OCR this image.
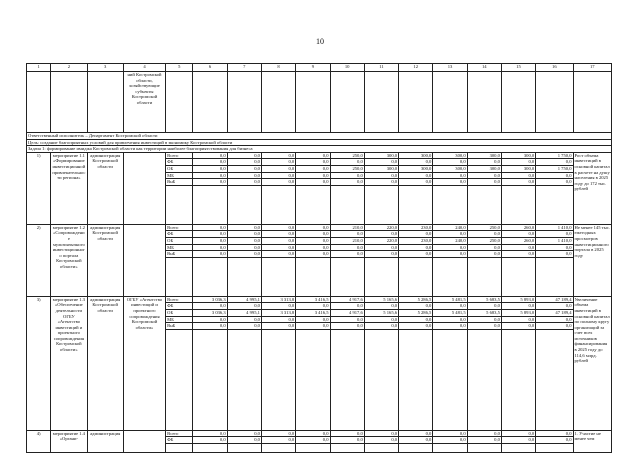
10
1	2	3	4	5	6	7	8	9	10	11	12	13	14	15	16	17
			ний Костромской области, хозяйствующие субъекты Костромской области													
Ответственный исполнитель – Департамент Костромской области																
Цель: создание благоприятных условий для привлечения инвестиций в экономику Костромской области																
Задача 1: формирование имиджа Костромской области как территории наиболее благоприятствования для бизнеса																
1)	мероприятие 1.1 «Формирование инвестиционной привлекательности региона»	администрация Костромской области		Всего	0,0	0,0	0,0	0,0	250,0	300,0	300,0	300,0	300,0	300,0	1 750,0	Рост объема инвестиций в основной капитал в расчете на душу населения в 2025 году до 172 тыс. рублей
				ФБ	0,0	0,0	0,0	0,0	0,0	0,0	0,0	0,0	0,0	0,0	0,0	
				ОБ	0,0	0,0	0,0	0,0	250,0	300,0	300,0	300,0	300,0	300,0	1 750,0	
				МБ	0,0	0,0	0,0	0,0	0,0	0,0	0,0	0,0	0,0	0,0	0,0	
				ВнБ	0,0	0,0	0,0	0,0	0,0	0,0	0,0	0,0	0,0	0,0	0,0	

2)	мероприятие 1.2 «Сопровождение мультиязычного инвестиционного портала Костромской области»	администрация Костромской области		Всего	0,0	0,0	0,0	0,0	210,0	220,0	230,0	240,0	250,0	260,0	1 410,0	Не менее 145 тыс. ежегодных просмотров инвестиционного портала в 2025 году
				ФБ	0,0	0,0	0,0	0,0	0,0	0,0	0,0	0,0	0,0	0,0	0,0	
				ОБ	0,0	0,0	0,0	0,0	210,0	220,0	230,0	240,0	250,0	260,0	1 410,0	
				МБ	0,0	0,0	0,0	0,0	0,0	0,0	0,0	0,0	0,0	0,0	0,0	
				ВнБ	0,0	0,0	0,0	0,0	0,0	0,0	0,0	0,0	0,0	0,0	0,0	

3)	мероприятие 1.3 «Обеспечение деятельности ОГБУ «Агентство инвестиций и проектного сопровождения Костромской области»	администрация Костромской области	ОГБУ «Агентство инвестиций и проектного сопровождения Костромской области»	Всего	3 036,3	4 995,1	3 313,8	3 416,5	4 917,6	5 165,6	5 286,5	5 481,5	5 683,5	5 893,0	47 189,4	Увеличение объема инвестиций в основной капитал по полному кругу организаций за счет всех источников финансирования в 2025 году до 114,6 млрд. рублей
				ФБ	0,0	0,0	0,0	0,0	0,0	0,0	0,0	0,0	0,0	0,0	0,0	
				ОБ	3 036,3	4 995,1	3 313,8	3 416,5	4 917,6	5 165,6	5 286,5	5 481,5	5 683,5	5 893,0	47 189,4	
				МБ	0,0	0,0	0,0	0,0	0,0	0,0	0,0	0,0	0,0	0,0	0,0	
				ВнБ	0,0	0,0	0,0	0,0	0,0	0,0	0,0	0,0	0,0	0,0	0,0	

4)	мероприятие 1.4 «Органи-	администрация		Всего	0,0	0,0	0,0	0,0	0,0	0,0	0,0	0,0	0,0	0,0	0,0	1. Участие не менее чем
				ФБ	0,0	0,0	0,0	0,0	0,0	0,0	0,0	0,0	0,0	0,0	0,0	
